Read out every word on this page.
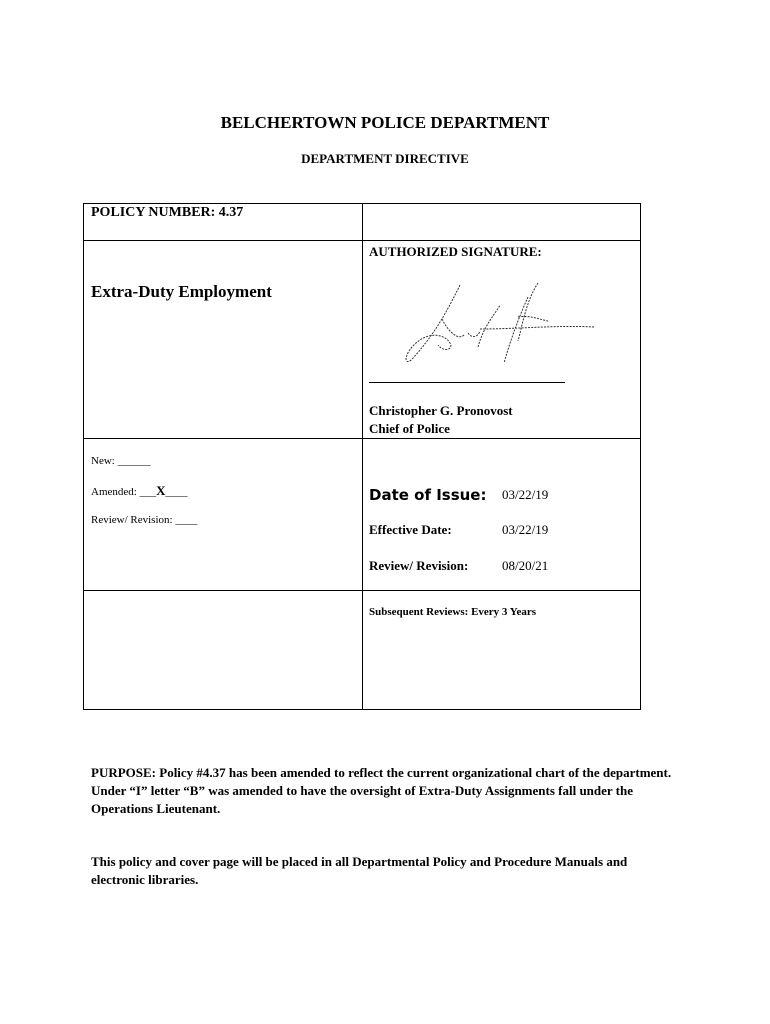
BELCHERTOWN POLICE DEPARTMENT
DEPARTMENT DIRECTIVE
POLICY NUMBER: 4.37
AUTHORIZED SIGNATURE:
Extra-Duty Employment
Christopher G. Pronovost
Chief of Police
New: ______
Amended: ___X____
Review/ Revision: ____
Date of Issue: 03/22/19
Effective Date:	03/22/19
Review/ Revision:	08/20/21
Subsequent Reviews: Every 3 Years
PURPOSE: Policy #4.37 has been amended to reflect the current organizational chart of the department. Under “I” letter “B” was amended to have the oversight of Extra-Duty Assignments fall under the Operations Lieutenant.
This policy and cover page will be placed in all Departmental Policy and Procedure Manuals and electronic libraries.
